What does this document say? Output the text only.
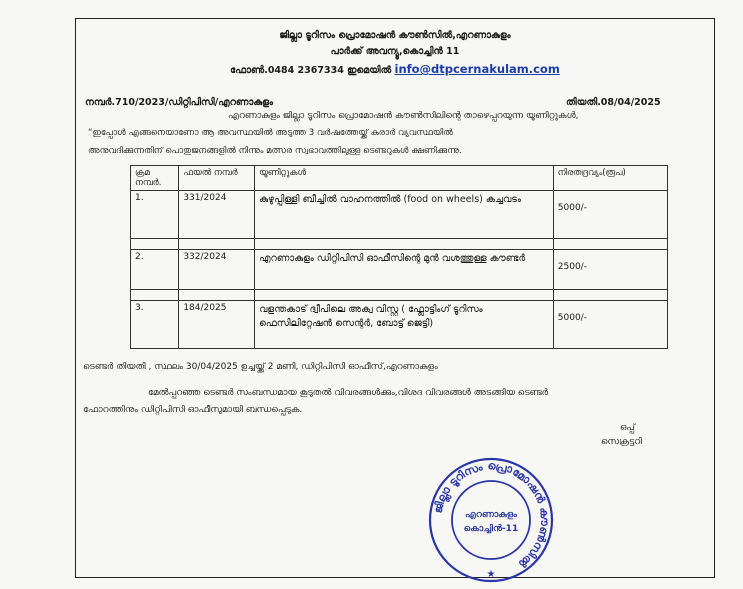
ജില്ലാ ടൂറിസം പ്രൊമോഷൻ കൗൺസിൽ,എറണാകുളം
പാർക്ക് അവന്യൂ,കൊച്ചിൻ 11
ഫോൺ.0484 2367334 ഇമെയിൽ info@dtpcernakulam.com
നമ്പർ.710/2023/ഡിറ്റിപിസി/എറണാകുളം	തിയതി.08/04/2025
എറണാകുളം ജില്ലാ ടൂറിസം പ്രൊമോഷൻ കൗൺസിലിന്റെ താഴെപ്പറയുന്ന യൂണിറ്റുകൾ,
“ഇപ്പോൾ എങ്ങനെയാണോ ആ അവസ്ഥയിൽ അടുത്ത 3 വർഷത്തേയ്ക്ക് കരാർ വ്യവസ്ഥയിൽ
അനുവദിക്കുന്നതിന് പൊതുജനങ്ങളിൽ നിന്നും മത്സര സ്വഭാവത്തിലുള്ള ടെണ്ടറുകൾ ക്ഷണിക്കുന്നു.
ക്രമ നമ്പർ.	ഫയൽ നമ്പർ	യൂണിറ്റുകൾ	നിരതദ്രവ്യം(രൂപ)
1.	331/2024	കുഴുപ്പിള്ളി ബീച്ചിൽ വാഹനത്തിൽ (food on wheels) കച്ചവടം	5000/-

2.	332/2024	എറണാകുളം ഡിറ്റിപിസി ഓഫീസിന്റെ മുൻ വശത്തുള്ള കൗണ്ടർ	2500/-

3.	184/2025	വളന്തകാട് ദ്വീപിലെ അക്വ വിസ്റ്റ ( ഫ്ലോട്ടിംഗ് ടൂറിസം ഫെസിലിറ്റേഷൻ സെന്റർ, ബോട്ട് ജെട്ടി)	5000/-
ടെണ്ടർ തിയതി , സ്ഥലം 30/04/2025 ഉച്ചയ്ക്ക് 2 മണി, ഡിറ്റിപിസി ഓഫീസ്,എറണാകുളം
മേൽപ്പറഞ്ഞ ടെണ്ടർ സംബന്ധമായ കൂടുതൽ വിവരങ്ങൾക്കും,വിശദ വിവരങ്ങൾ അടങ്ങിയ ടെണ്ടർ
ഫോറത്തിനും ഡിറ്റിപിസി ഓഫീസുമായി ബന്ധപ്പെടുക.
ഒപ്പ്
സെക്രട്ടറി
ജില്ലാ ടൂറിസം പ്രൊമോഷൻ കൗൺസിൽ
എറണാകുളം
കൊച്ചിൻ-11
★
